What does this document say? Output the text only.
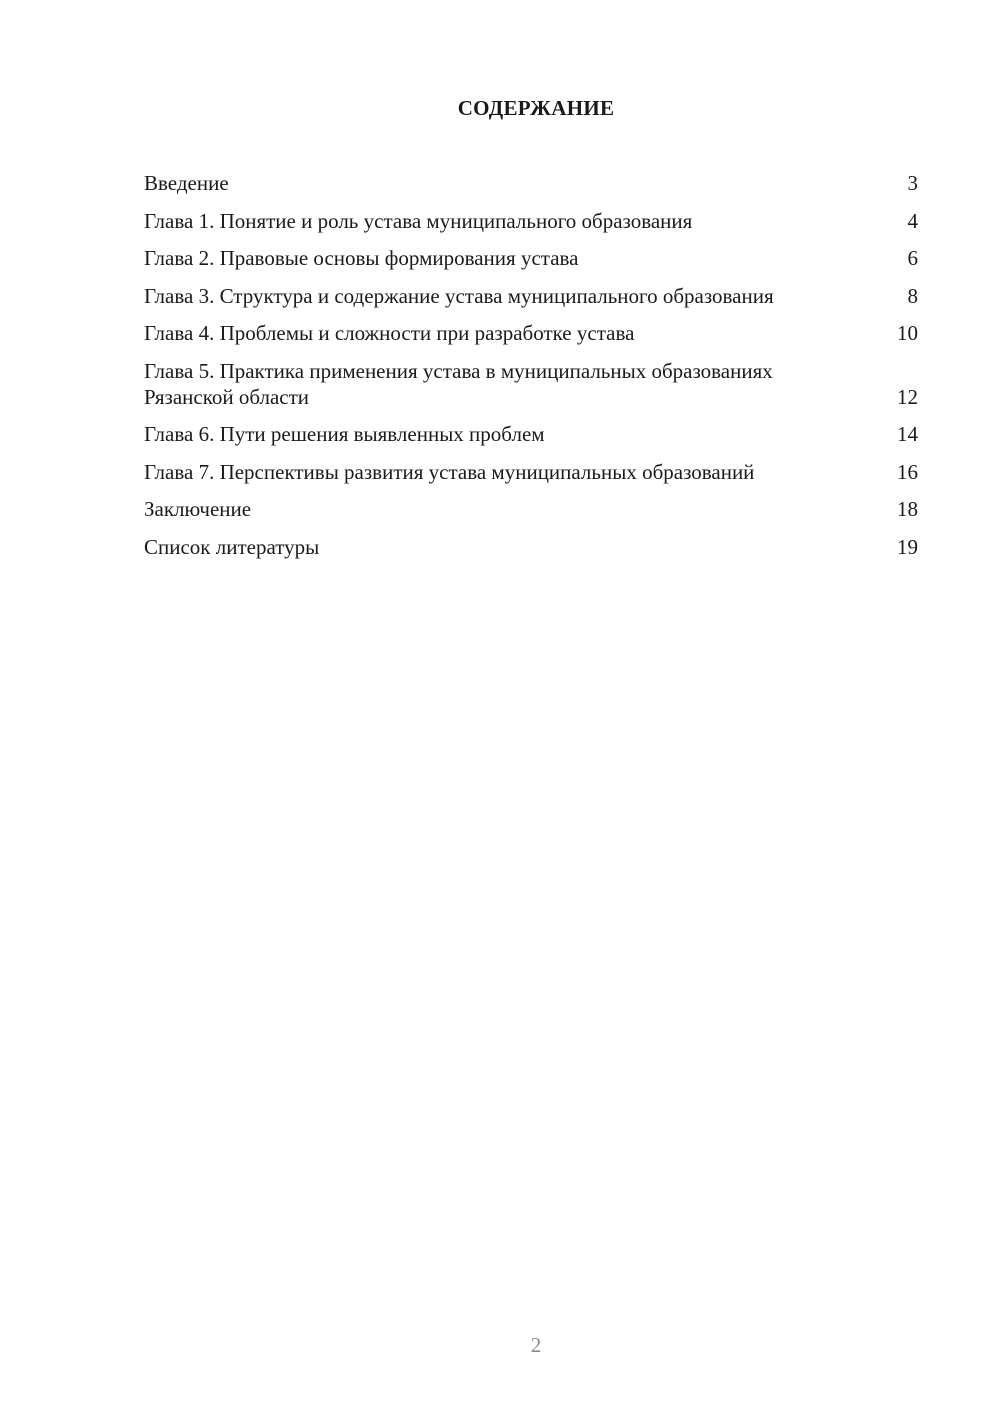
СОДЕРЖАНИЕ
Введение	3
Глава 1. Понятие и роль устава муниципального образования	4
Глава 2. Правовые основы формирования устава	6
Глава 3. Структура и содержание устава муниципального образования	8
Глава 4. Проблемы и сложности при разработке устава	10
Глава 5. Практика применения устава в муниципальных образованиях Рязанской области	12
Глава 6. Пути решения выявленных проблем	14
Глава 7. Перспективы развития устава муниципальных образований	16
Заключение	18
Список литературы	19
2
